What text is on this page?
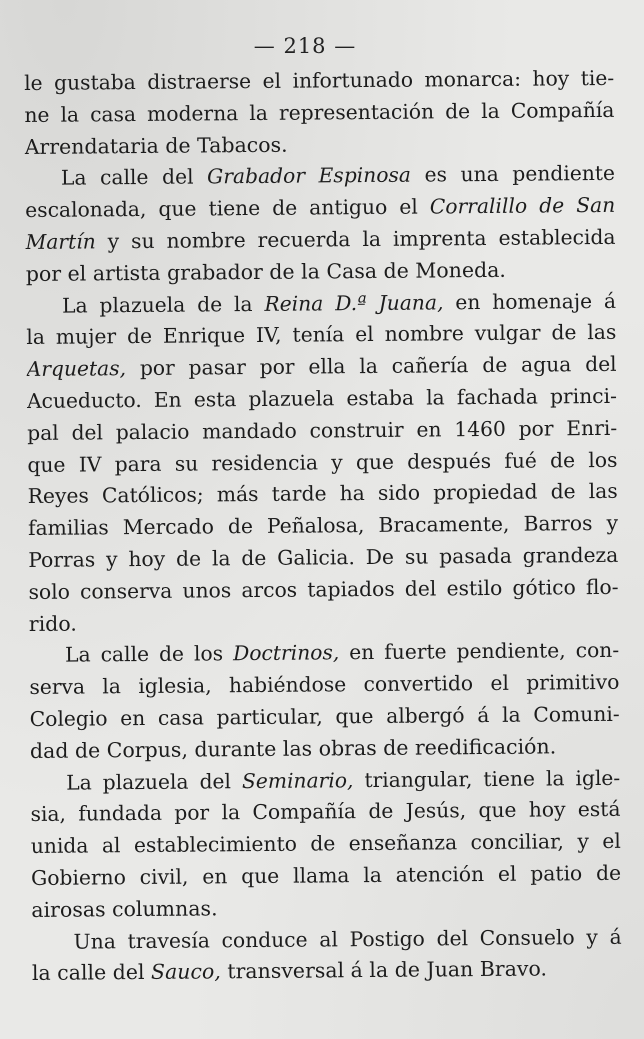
— 218 —
le gustaba distraerse el infortunado monarca: hoy tie-
ne la casa moderna la representación de la Compañía
Arrendataria de Tabacos.
La calle del Grabador Espinosa es una pendiente
escalonada, que tiene de antiguo el Corralillo de San
Martín y su nombre recuerda la imprenta establecida
por el artista grabador de la Casa de Moneda.
La plazuela de la Reina D.ª Juana, en homenaje á
la mujer de Enrique IV, tenía el nombre vulgar de las
Arquetas, por pasar por ella la cañería de agua del
Acueducto. En esta plazuela estaba la fachada princi-
pal del palacio mandado construir en 1460 por Enri-
que IV para su residencia y que después fué de los
Reyes Católicos; más tarde ha sido propiedad de las
familias Mercado de Peñalosa, Bracamente, Barros y
Porras y hoy de la de Galicia. De su pasada grandeza
solo conserva unos arcos tapiados del estilo gótico flo-
rido.
La calle de los Doctrinos, en fuerte pendiente, con-
serva la iglesia, habiéndose convertido el primitivo
Colegio en casa particular, que albergó á la Comuni-
dad de Corpus, durante las obras de reedificación.
La plazuela del Seminario, triangular, tiene la igle-
sia, fundada por la Compañía de Jesús, que hoy está
unida al establecimiento de enseñanza conciliar, y el
Gobierno civil, en que llama la atención el patio de
airosas columnas.
Una travesía conduce al Postigo del Consuelo y á
la calle del Sauco, transversal á la de Juan Bravo.
